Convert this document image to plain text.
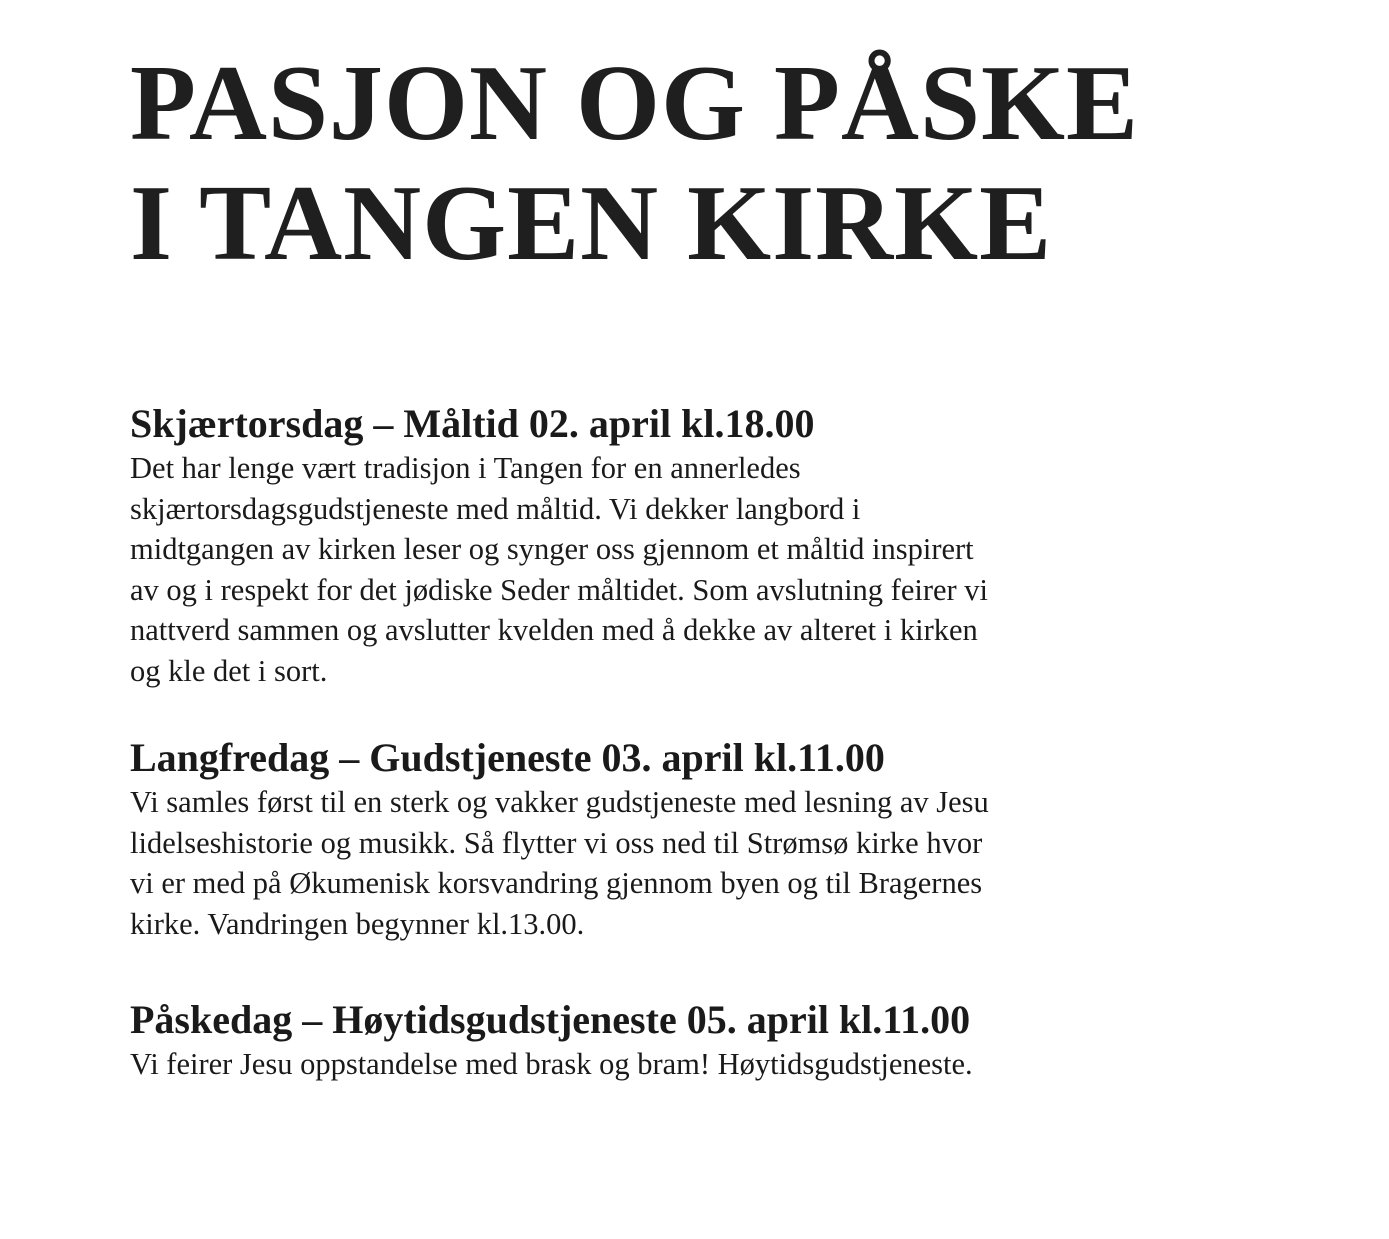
PASJON OG PÅSKE
I TANGEN KIRKE
Skjærtorsdag – Måltid 02. april kl.18.00

Det har lenge vært tradisjon i Tangen for en annerledes
skjærtorsdagsgudstjeneste med måltid. Vi dekker langbord i
midtgangen av kirken leser og synger oss gjennom et måltid inspirert
av og i respekt for det jødiske Seder måltidet. Som avslutning feirer vi
nattverd sammen og avslutter kvelden med å dekke av alteret i kirken
og kle det i sort.

Langfredag – Gudstjeneste 03. april kl.11.00

Vi samles først til en sterk og vakker gudstjeneste med lesning av Jesu
lidelseshistorie og musikk. Så flytter vi oss ned til Strømsø kirke hvor
vi er med på Økumenisk korsvandring gjennom byen og til Bragernes
kirke. Vandringen begynner kl.13.00.

Påskedag – Høytidsgudstjeneste 05. april kl.11.00

Vi feirer Jesu oppstandelse med brask og bram! Høytidsgudstjeneste.
